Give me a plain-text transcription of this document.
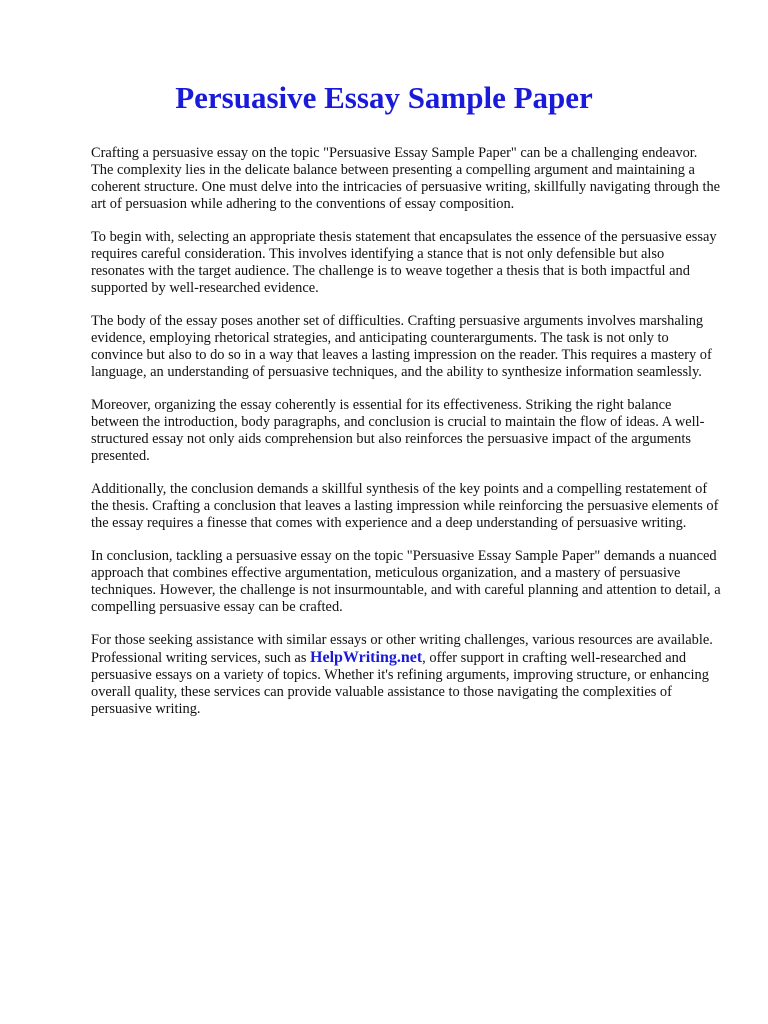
Persuasive Essay Sample Paper

Crafting a persuasive essay on the topic "Persuasive Essay Sample Paper" can be a challenging endeavor. The complexity lies in the delicate balance between presenting a compelling argument and maintaining a coherent structure. One must delve into the intricacies of persuasive writing, skillfully navigating through the art of persuasion while adhering to the conventions of essay composition.

To begin with, selecting an appropriate thesis statement that encapsulates the essence of the persuasive essay requires careful consideration. This involves identifying a stance that is not only defensible but also resonates with the target audience. The challenge is to weave together a thesis that is both impactful and supported by well-researched evidence.

The body of the essay poses another set of difficulties. Crafting persuasive arguments involves marshaling evidence, employing rhetorical strategies, and anticipating counterarguments. The task is not only to convince but also to do so in a way that leaves a lasting impression on the reader. This requires a mastery of language, an understanding of persuasive techniques, and the ability to synthesize information seamlessly.

Moreover, organizing the essay coherently is essential for its effectiveness. Striking the right balance between the introduction, body paragraphs, and conclusion is crucial to maintain the flow of ideas. A well-structured essay not only aids comprehension but also reinforces the persuasive impact of the arguments presented.

Additionally, the conclusion demands a skillful synthesis of the key points and a compelling restatement of the thesis. Crafting a conclusion that leaves a lasting impression while reinforcing the persuasive elements of the essay requires a finesse that comes with experience and a deep understanding of persuasive writing.

In conclusion, tackling a persuasive essay on the topic "Persuasive Essay Sample Paper" demands a nuanced approach that combines effective argumentation, meticulous organization, and a mastery of persuasive techniques. However, the challenge is not insurmountable, and with careful planning and attention to detail, a compelling persuasive essay can be crafted.

For those seeking assistance with similar essays or other writing challenges, various resources are available. Professional writing services, such as HelpWriting.net, offer support in crafting well-researched and persuasive essays on a variety of topics. Whether it's refining arguments, improving structure, or enhancing overall quality, these services can provide valuable assistance to those navigating the complexities of persuasive writing.
